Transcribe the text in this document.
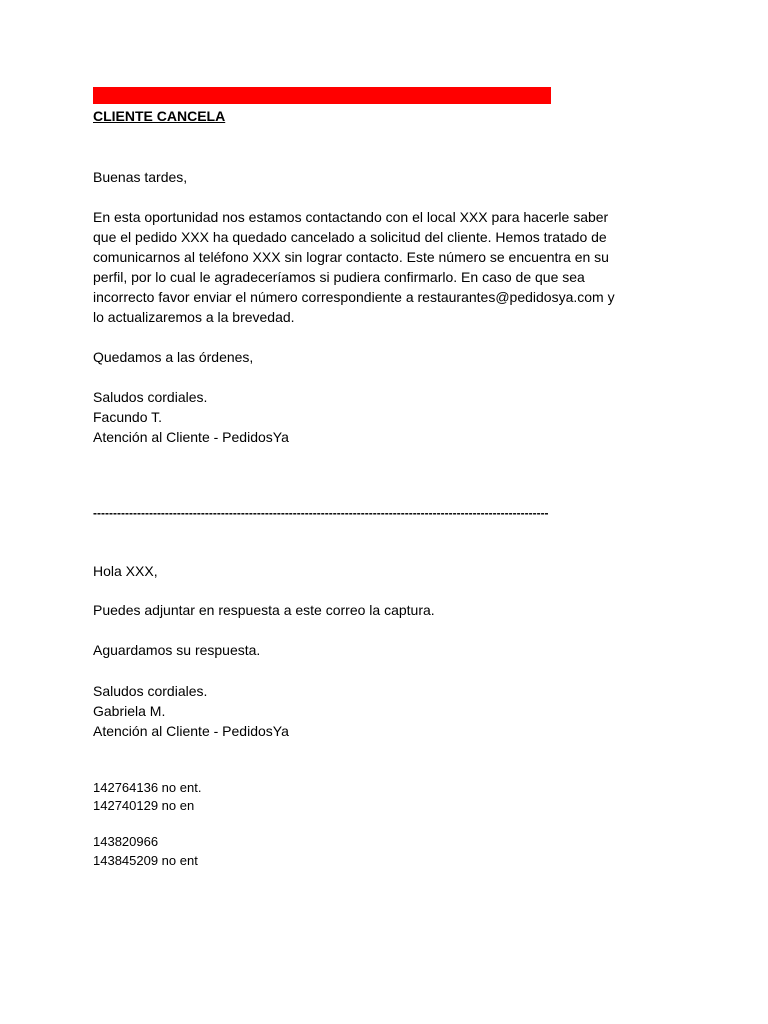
CLIENTE CANCELA
Buenas tardes,
En esta oportunidad nos estamos contactando con el local XXX para hacerle saber
que el pedido XXX ha quedado cancelado a solicitud del cliente. Hemos tratado de
comunicarnos al teléfono XXX sin lograr contacto. Este número se encuentra en su
perfil, por lo cual le agradeceríamos si pudiera confirmarlo. En caso de que sea
incorrecto favor enviar el número correspondiente a restaurantes@pedidosya.com y
lo actualizaremos a la brevedad.
Quedamos a las órdenes,
Saludos cordiales.
Facundo T.
Atención al Cliente - PedidosYa
------------------------------------------------------------------------------------------------------------------
Hola XXX,
Puedes adjuntar en respuesta a este correo la captura.
Aguardamos su respuesta.
Saludos cordiales.
Gabriela M.
Atención al Cliente - PedidosYa
142764136 no ent.
142740129 no en
143820966
143845209 no ent
